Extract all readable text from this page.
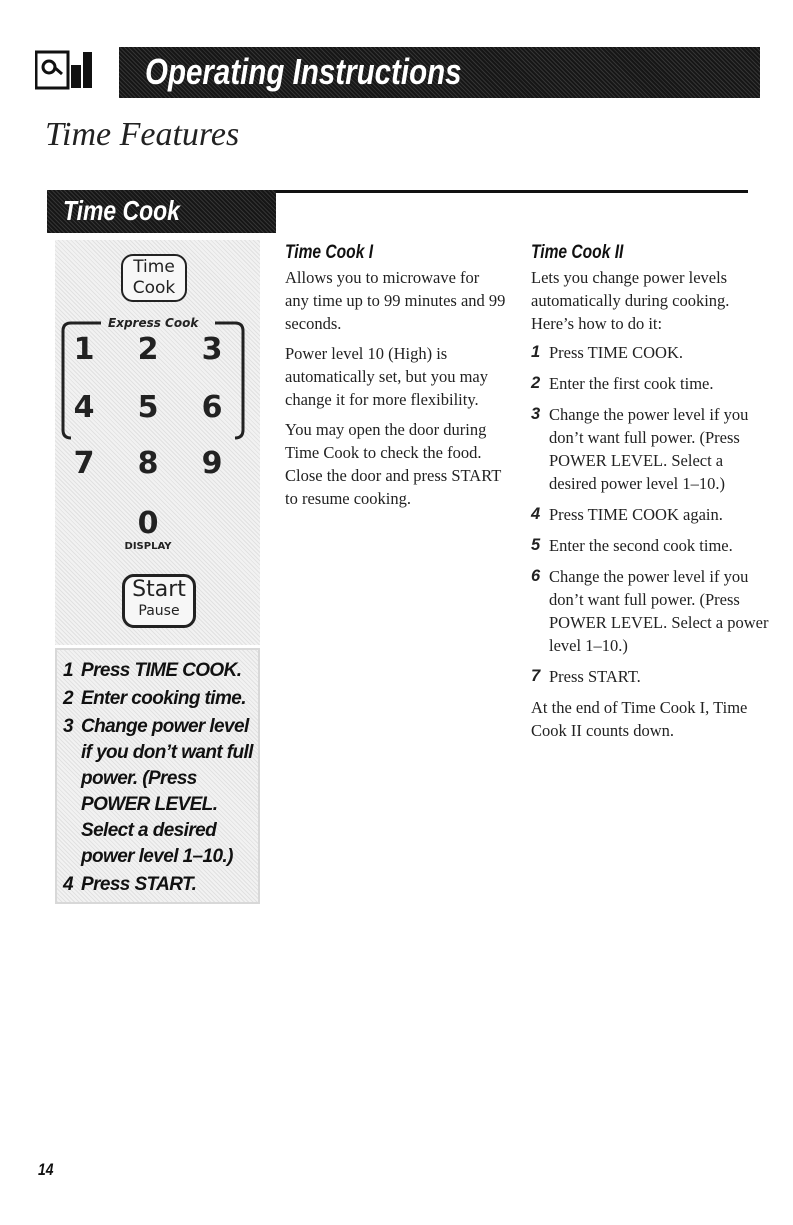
Operating Instructions
Time Features
Time Cook
Time
Cook
Express Cook
1	2	3
4	5	6
7	8	9
0
DISPLAY
Start
Pause
1 Press TIME COOK.
2 Enter cooking time.
3 Change power level if you don’t want full power. (Press POWER LEVEL. Select a desired power level 1–10.)
4 Press START.
Time Cook I

Allows you to microwave for any time up to 99 minutes and 99 seconds.

Power level 10 (High) is automatically set, but you may change it for more flexibility.

You may open the door during Time Cook to check the food. Close the door and press START to resume cooking.

Time Cook II
Lets you change power levels automatically during cooking. Here’s how to do it:
1 Press TIME COOK.
2 Enter the first cook time.
3 Change the power level if you don’t want full power. (Press POWER LEVEL. Select a desired power level 1–10.)
4 Press TIME COOK again.
5 Enter the second cook time.
6 Change the power level if you don’t want full power. (Press POWER LEVEL. Select a power level 1–10.)
7 Press START.
At the end of Time Cook I, Time Cook II counts down.
14
